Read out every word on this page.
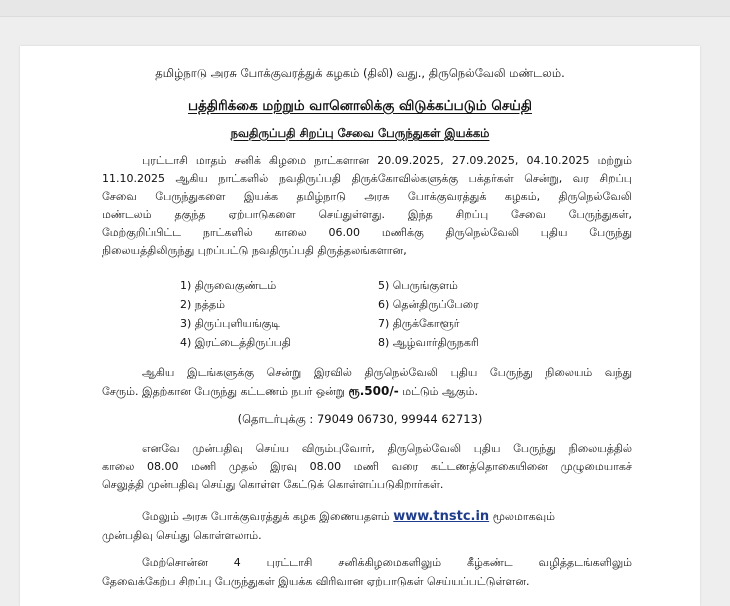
தமிழ்நாடு அரசு போக்குவரத்துக் கழகம் (திலி) வது., திருநெல்வேலி மண்டலம்.
பத்திரிக்கை மற்றும் வானொலிக்கு விடுக்கப்படும் செய்தி
நவதிருப்பதி சிறப்பு சேவை பேருந்துகள் இயக்கம்
புரட்டாசி மாதம் சனிக் கிழமை நாட்களான 20.09.2025, 27.09.2025, 04.10.2025 மற்றும்
11.10.2025 ஆகிய நாட்களில் நவதிருப்பதி திருக்கோவில்களுக்கு பக்தர்கள் சென்று, வர சிறப்பு
சேவை பேருந்துகளை இயக்க தமிழ்நாடு அரசு போக்குவரத்துக் கழகம், திருநெல்வேலி
மண்டலம் தகுந்த ஏற்பாடுகளை செய்துள்ளது. இந்த சிறப்பு சேவை பேருந்துகள்,
மேற்குறிப்பிட்ட நாட்களில் காலை 06.00 மணிக்கு திருநெல்வேலி புதிய பேருந்து
நிலையத்திலிருந்து புறப்பட்டு நவதிருப்பதி திருத்தலங்களான,
1) திருவைகுண்டம்
2) நத்தம்
3) திருப்புளியங்குடி
4) இரட்டைத்திருப்பதி
5) பெருங்குளம்
6) தென்திருப்பேரை
7) திருக்கோளூர்
8) ஆழ்வார்திருநகரி
ஆகிய இடங்களுக்கு சென்று இரவில் திருநெல்வேலி புதிய பேருந்து நிலையம் வந்து
சேரும். இதற்கான பேருந்து கட்டணம் நபர் ஒன்று ரூ.500/- மட்டும் ஆகும்.
(தொடர்புக்கு : 79049 06730, 99944 62713)
எனவே முன்பதிவு செய்ய விரும்புவோர், திருநெல்வேலி புதிய பேருந்து நிலையத்தில்
காலை 08.00 மணி முதல் இரவு 08.00 மணி வரை கட்டணத்தொகையினை முழுமையாகச்
செலுத்தி முன்பதிவு செய்து கொள்ள கேட்டுக் கொள்ளப்படுகிறார்கள்.
மேலும் அரசு போக்குவரத்துக் கழக இணையதளம் www.tnstc.in மூலமாகவும்
முன்பதிவு செய்து கொள்ளலாம்.
மேற்சொன்ன 4 புரட்டாசி சனிக்கிழமைகளிலும் கீழ்கண்ட வழித்தடங்களிலும்
தேவைக்கேற்ப சிறப்பு பேருந்துகள் இயக்க விரிவான ஏற்பாடுகள் செய்யப்பட்டுள்ளன.
